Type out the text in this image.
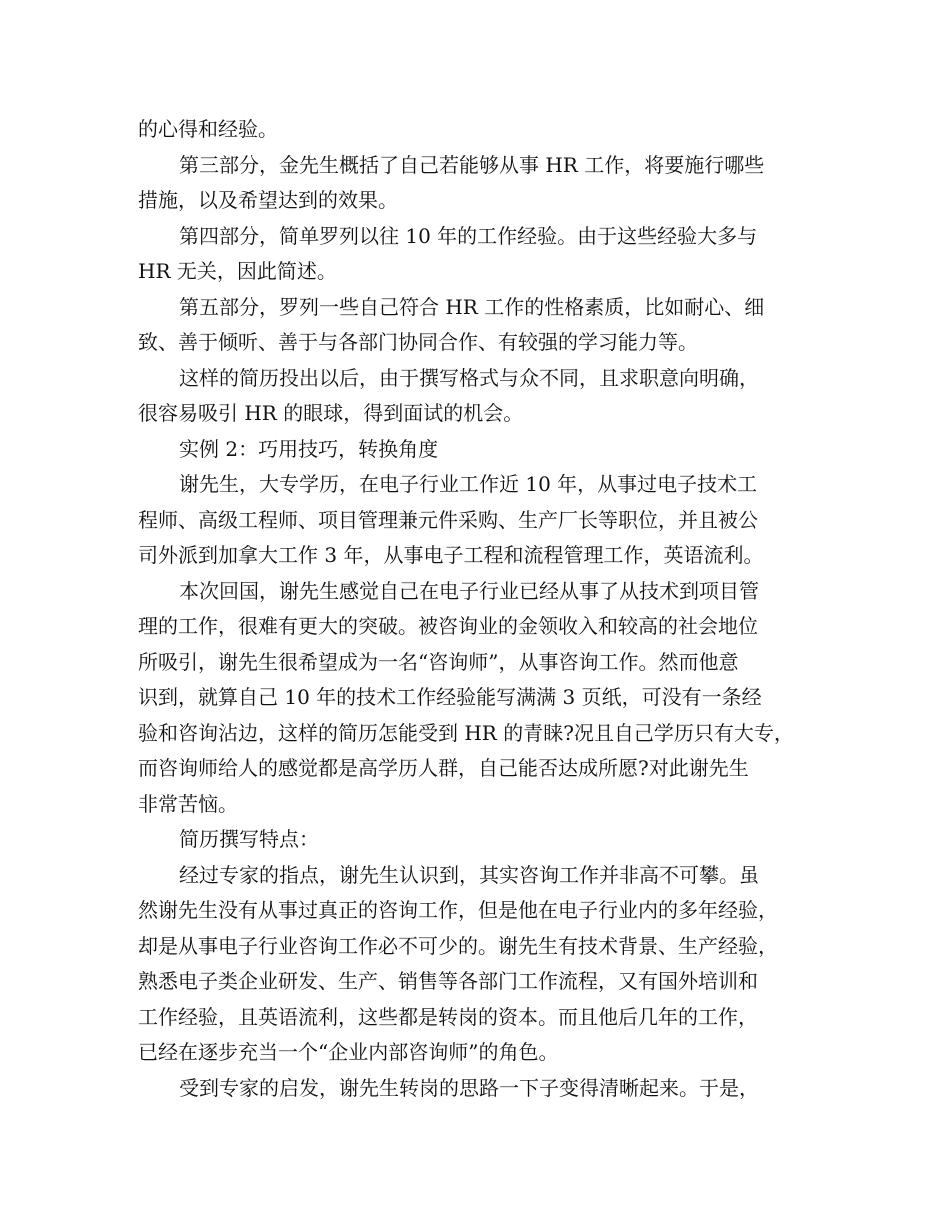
的心得和经验。

第三部分，金先生概括了自己若能够从事 HR 工作，将要施行哪些

措施，以及希望达到的效果。

第四部分，简单罗列以往 10 年的工作经验。由于这些经验大多与

HR 无关，因此简述。

第五部分，罗列一些自己符合 HR 工作的性格素质，比如耐心、细

致、善于倾听、善于与各部门协同合作、有较强的学习能力等。

这样的简历投出以后，由于撰写格式与众不同，且求职意向明确，

很容易吸引 HR 的眼球，得到面试的机会。

实例 2：巧用技巧，转换角度

谢先生，大专学历，在电子行业工作近 10 年，从事过电子技术工

程师、高级工程师、项目管理兼元件采购、生产厂长等职位，并且被公

司外派到加拿大工作 3 年，从事电子工程和流程管理工作，英语流利。

本次回国，谢先生感觉自己在电子行业已经从事了从技术到项目管

理的工作，很难有更大的突破。被咨询业的金领收入和较高的社会地位

所吸引，谢先生很希望成为一名“咨询师”，从事咨询工作。然而他意

识到，就算自己 10 年的技术工作经验能写满满 3 页纸，可没有一条经

验和咨询沾边，这样的简历怎能受到 HR 的青睐?况且自己学历只有大专，

而咨询师给人的感觉都是高学历人群，自己能否达成所愿?对此谢先生

非常苦恼。

简历撰写特点：

经过专家的指点，谢先生认识到，其实咨询工作并非高不可攀。虽

然谢先生没有从事过真正的咨询工作，但是他在电子行业内的多年经验，

却是从事电子行业咨询工作必不可少的。谢先生有技术背景、生产经验，

熟悉电子类企业研发、生产、销售等各部门工作流程，又有国外培训和

工作经验，且英语流利，这些都是转岗的资本。而且他后几年的工作，

已经在逐步充当一个“企业内部咨询师”的角色。

受到专家的启发，谢先生转岗的思路一下子变得清晰起来。于是，
